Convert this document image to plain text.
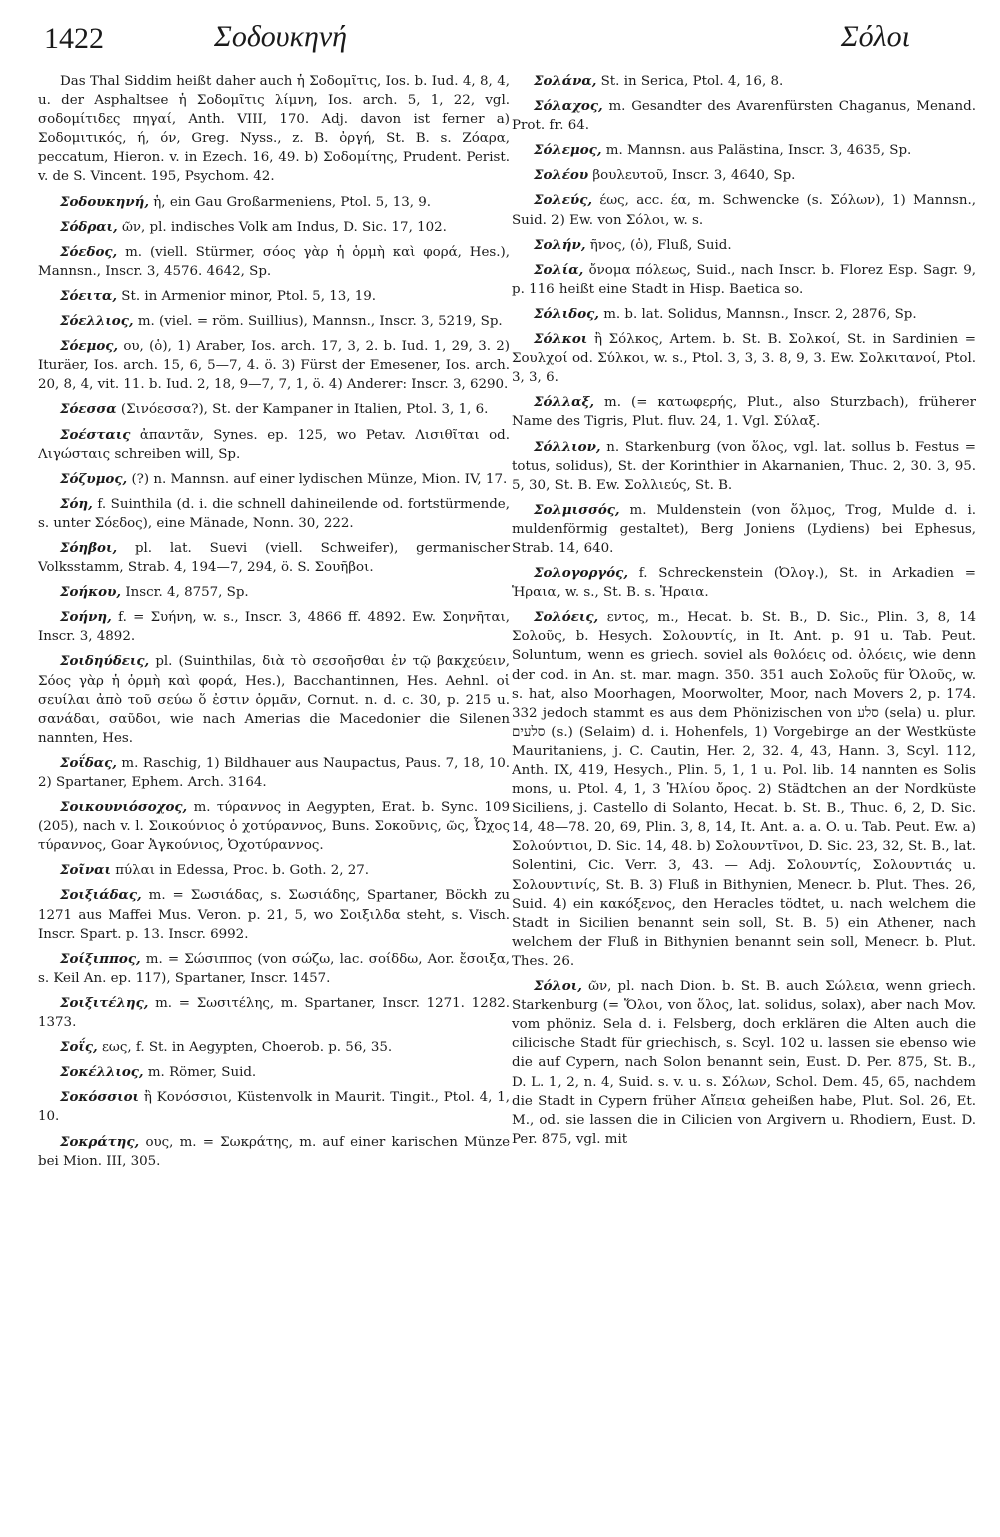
1422	Σοδουκηνή	Σόλοι

Das Thal Siddim heißt daher auch ἡ Σοδομῖτις, Ios. b. Iud. 4, 8, 4, u. der Asphaltsee ἡ Σοδομῖτις λίμνη, Ios. arch. 5, 1, 22, vgl. σοδομίτιδες πηγαί, Anth. VIII, 170. Adj. davon ist ferner a) Σοδομιτικός, ή, όν, Greg. Nyss., z. B. ὀργή, St. B. s. Ζόαρα, peccatum, Hieron. v. in Ezech. 16, 49. b) Σοδομίτης, Prudent. Perist. v. de S. Vincent. 195, Psychom. 42.

Σοδουκηνή, ἡ, ein Gau Großarmeniens, Ptol. 5, 13, 9.

Σόδραι, ῶν, pl. indisches Volk am Indus, D. Sic. 17, 102.

Σόεδος, m. (viell. Stürmer, σόος γὰρ ἡ ὁρμὴ καὶ φορά, Hes.), Mannsn., Inscr. 3, 4576. 4642, Sp.

Σόειτα, St. in Armenior minor, Ptol. 5, 13, 19.

Σόελλιος, m. (viel. = röm. Suillius), Mannsn., Inscr. 3, 5219, Sp.

Σόεμος, ου, (ὁ), 1) Araber, Ios. arch. 17, 3, 2. b. Iud. 1, 29, 3. 2) Ituräer, Ios. arch. 15, 6, 5—7, 4. ö. 3) Fürst der Emesener, Ios. arch. 20, 8, 4, vit. 11. b. Iud. 2, 18, 9—7, 7, 1, ö. 4) Anderer: Inscr. 3, 6290.

Σόεσσα (Σινόεσσα?), St. der Kampaner in Italien, Ptol. 3, 1, 6.

Σοέσταις ἀπαντᾶν, Synes. ep. 125, wo Petav. Λισιθῖται od. Λιγώσταις schreiben will, Sp.

Σόζυμος, (?) n. Mannsn. auf einer lydischen Münze, Mion. IV, 17.

Σόη, f. Suinthila (d. i. die schnell dahineilende od. fortstürmende, s. unter Σόεδος), eine Mänade, Nonn. 30, 222.

Σόηβοι, pl. lat. Suevi (viell. Schweifer), germanischer Volksstamm, Strab. 4, 194—7, 294, ö. S. Σουῆβοι.

Σοήκου, Inscr. 4, 8757, Sp.

Σοήνη, f. = Συήνη, w. s., Inscr. 3, 4866 ff. 4892. Ew. Σοηνῆται, Inscr. 3, 4892.

Σοιδηύδεις, pl. (Suinthilas, διὰ τὸ σεσοῆσθαι ἐν τῷ βακχεύειν, Σόος γὰρ ἡ ὁρμὴ καὶ φορά, Hes.), Bacchantinnen, Hes. Aehnl. οἱ σευίλαι ἀπὸ τοῦ σεύω ὅ ἐστιν ὁρμᾶν, Cornut. n. d. c. 30, p. 215 u. σανάδαι, σαῦδοι, wie nach Amerias die Macedonier die Silenen nannten, Hes.

Σοΐδας, m. Raschig, 1) Bildhauer aus Naupactus, Paus. 7, 18, 10. 2) Spartaner, Ephem. Arch. 3164.

Σοικουνιόσοχος, m. τύραννος in Aegypten, Erat. b. Sync. 109 (205), nach v. l. Σοικούνιος ὁ χοτύραννος, Buns. Σοκοῦνις, ῶς, Ὦχος τύραννος, Goar Ἀγκούνιος, Ὀχοτύραννος.

Σοῖναι πύλαι in Edessa, Proc. b. Goth. 2, 27.

Σοιξιάδας, m. = Σωσιάδας, s. Σωσιάδης, Spartaner, Böckh zu 1271 aus Maffei Mus. Veron. p. 21, 5, wo Σοιξιλδα steht, s. Visch. Inscr. Spart. p. 13. Inscr. 6992.

Σοίξιππος, m. = Σώσιππος (von σώζω, lac. σοίδδω, Aor. ἔσοιξα, s. Keil An. ep. 117), Spartaner, Inscr. 1457.

Σοιξιτέλης, m. = Σωσιτέλης, m. Spartaner, Inscr. 1271. 1282. 1373.

Σοΐς, εως, f. St. in Aegypten, Choerob. p. 56, 35.

Σοκέλλιος, m. Römer, Suid.

Σοκόσσιοι ἢ Κονόσσιοι, Küstenvolk in Maurit. Tingit., Ptol. 4, 1, 10.

Σοκράτης, ους, m. = Σωκράτης, m. auf einer karischen Münze bei Mion. III, 305.

Σολάνα, St. in Serica, Ptol. 4, 16, 8.

Σόλαχος, m. Gesandter des Avarenfürsten Chaganus, Menand. Prot. fr. 64.

Σόλεμος, m. Mannsn. aus Palästina, Inscr. 3, 4635, Sp.

Σολέου βουλευτοῦ, Inscr. 3, 4640, Sp.

Σολεύς, έως, acc. έα, m. Schwencke (s. Σόλων), 1) Mannsn., Suid. 2) Ew. von Σόλοι, w. s.

Σολήν, ῆνος, (ὁ), Fluß, Suid.

Σολία, ὄνομα πόλεως, Suid., nach Inscr. b. Florez Esp. Sagr. 9, p. 116 heißt eine Stadt in Hisp. Baetica so.

Σόλιδος, m. b. lat. Solidus, Mannsn., Inscr. 2, 2876, Sp.

Σόλκοι ἢ Σόλκος, Artem. b. St. B. Σολκοί, St. in Sardinien = Σουλχοί od. Σύλκοι, w. s., Ptol. 3, 3, 3. 8, 9, 3. Ew. Σολκιτανοί, Ptol. 3, 3, 6.

Σόλλαξ, m. (= κατωφερής, Plut., also Sturzbach), früherer Name des Tigris, Plut. fluv. 24, 1. Vgl. Σύλαξ.

Σόλλιον, n. Starkenburg (von ὅλος, vgl. lat. sollus b. Festus = totus, solidus), St. der Korinthier in Akarnanien, Thuc. 2, 30. 3, 95. 5, 30, St. B. Ew. Σολλιεύς, St. B.

Σολμισσός, m. Muldenstein (von ὅλμος, Trog, Mulde d. i. muldenförmig gestaltet), Berg Joniens (Lydiens) bei Ephesus, Strab. 14, 640.

Σολογοργός, f. Schreckenstein (Ὀλογ.), St. in Arkadien = Ἡραια, w. s., St. B. s. Ἡραια.

Σολόεις, εντος, m., Hecat. b. St. B., D. Sic., Plin. 3, 8, 14 Σολοῦς, b. Hesych. Σολουντίς, in It. Ant. p. 91 u. Tab. Peut. Soluntum, wenn es griech. soviel als θολόεις od. ὀλόεις, wie denn der cod. in An. st. mar. magn. 350. 351 auch Σολοῦς für Ὀλοῦς, w. s. hat, also Moorhagen, Moorwolter, Moor, nach Movers 2, p. 174. 332 jedoch stammt es aus dem Phönizischen von סלע (sela) u. plur. סלעים (s.) (Selaim) d. i. Hohenfels, 1) Vorgebirge an der Westküste Mauritaniens, j. C. Cautin, Her. 2, 32. 4, 43, Hann. 3, Scyl. 112, Anth. IX, 419, Hesych., Plin. 5, 1, 1 u. Pol. lib. 14 nannten es Solis mons, u. Ptol. 4, 1, 3 Ἡλίου ὄρος. 2) Städtchen an der Nordküste Siciliens, j. Castello di Solanto, Hecat. b. St. B., Thuc. 6, 2, D. Sic. 14, 48—78. 20, 69, Plin. 3, 8, 14, It. Ant. a. a. O. u. Tab. Peut. Ew. a) Σολούντιοι, D. Sic. 14, 48. b) Σολουντῖνοι, D. Sic. 23, 32, St. B., lat. Solentini, Cic. Verr. 3, 43. — Adj. Σολουντίς, Σολουντιάς u. Σολουντινίς, St. B. 3) Fluß in Bithynien, Menecr. b. Plut. Thes. 26, Suid. 4) ein κακόξενος, den Heracles tödtet, u. nach welchem die Stadt in Sicilien benannt sein soll, St. B. 5) ein Athener, nach welchem der Fluß in Bithynien benannt sein soll, Menecr. b. Plut. Thes. 26.

Σόλοι, ῶν, pl. nach Dion. b. St. B. auch Σώλεια, wenn griech. Starkenburg (= Ὅλοι, von ὅλος, lat. solidus, solax), aber nach Mov. vom phöniz. Sela d. i. Felsberg, doch erklären die Alten auch die cilicische Stadt für griechisch, s. Scyl. 102 u. lassen sie ebenso wie die auf Cypern, nach Solon benannt sein, Eust. D. Per. 875, St. B., D. L. 1, 2, n. 4, Suid. s. v. u. s. Σόλων, Schol. Dem. 45, 65, nachdem die Stadt in Cypern früher Αἴπεια geheißen habe, Plut. Sol. 26, Et. M., od. sie lassen die in Cilicien von Argivern u. Rhodiern, Eust. D. Per. 875, vgl. mit
